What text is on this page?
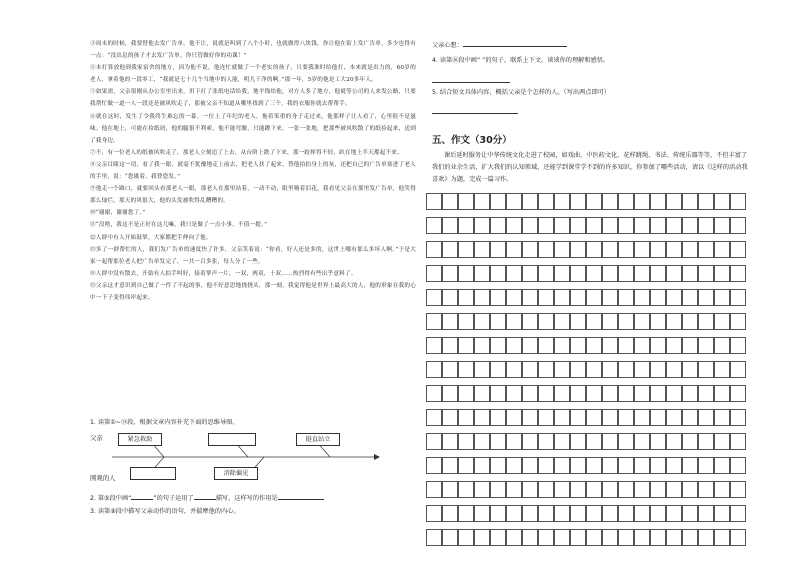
③周末的时候，我要替他去发广告单。他不让，说就是叫到了八个小时，也就做得八块钱，你让他在街上发广告单，多少也得有一点：“没出息的孩子才去发广告单，你只管做好你的功课！”

④本打算放他到我家宿舍的地方，因为他不说，他连忙就做了一个老实的孩子，只要我准时给他打，本来就是出力的，60岁的老人，拿着他的一段零工，“我就是七十几个当地中的人能，明儿干净的啊。”那一年，5岁的他是工大20多年人。

⑤如果需，父亲很刚从办公室里出来，用下打了张纸电话给我，地平线给他，对方人多了地方，他就等公司的人来发公路，只要我帮忙做一道一人一段还是被风吹走了，那被父亲不知道从哪里找到了三个，我的衣服你就去帮帮手。

⑥就在这时，发生了令我终生难忘的一幕。一位上了年纪的老人，拖着笨重的身子走过来，他那样子让人看了，心里很不是滋味。他在地上，可能在捡纸屑，他的腿很不利索，他不能弯腰，只能蹲下来，一张一张地，把那些被风吹散了的纸捡起来，送到了我身边。

⑦不，有一位老人的纸被风吹走了，那老人立刻追了上去，从台阶上跌了下来，那一跤摔得不轻，趴在地上半天都起不来。

⑧父亲目睹这一切，看了我一眼，就毫不犹豫地走上前去，把老人扶了起来，替他拍拍身上的灰，还把自己的广告单塞进了老人的手里，说：“您歇着，我替您发。”

⑨他走一个路口，就要回头看那老人一眼，那老人在那里站着，一动不动，眼里噙着泪花，我看见父亲在那里发广告单，他笑得那么灿烂，那天的风很大，他的头发被吹得乱糟糟的。

⑩“谢谢，谢谢您了。”

⑪“没啥，我这不是正好在这儿嘛，我只是做了一点小事，不值一提。”

⑫人群中有人开始鼓掌，大家都把手伸向了他。

⑬多了一群帮忙的人，我们发广告单的速度快了许多，父亲笑着说：“你看，好人还是多的，这世上哪有那么多坏人啊。”于是大家一起帮那位老人把广告单发完了，一共一百多张，每人分了一些。

⑭人群中没有散去，开始有人拍手叫好，接着掌声一片，一双，两双，十双……热烈得有些出乎意料了。

⑮父亲这才意识到自己做了一件了不起的事，他不好意思地挠挠头，那一刻，我觉得他是世界上最高大的人，他的形象在我的心中一下子变得伟岸起来。

1. 读第①~⑬段，根据文章内容补充下面的思维导图。

父亲
围观的人
紧急救助	挺直站立
消除偏见

2. 第⑤段中画“	”的句子运用了	描写，这样写的作用是

3. 读第⑨段中描写父亲动作的语句，并揣摩他的内心。

父亲心想：

4. 读第⑯段中画“ ”的句子，联系上下文，谈谈你的理解和感悟。

5. 结合短文具体内容，概括父亲是个怎样的人。（写出两点即可）

五、作文（30分）

课后延时服务让中华传统文化走进了校园，如戏曲、中医药文化、花样跳绳、书法、传统乐器等等，不但丰富了我们的业余生活，扩大我们的认知领域，还能学到课堂学不到的许多知识，你参加了哪些活动，请以《这样的活动我喜欢》为题，完成一篇习作。
